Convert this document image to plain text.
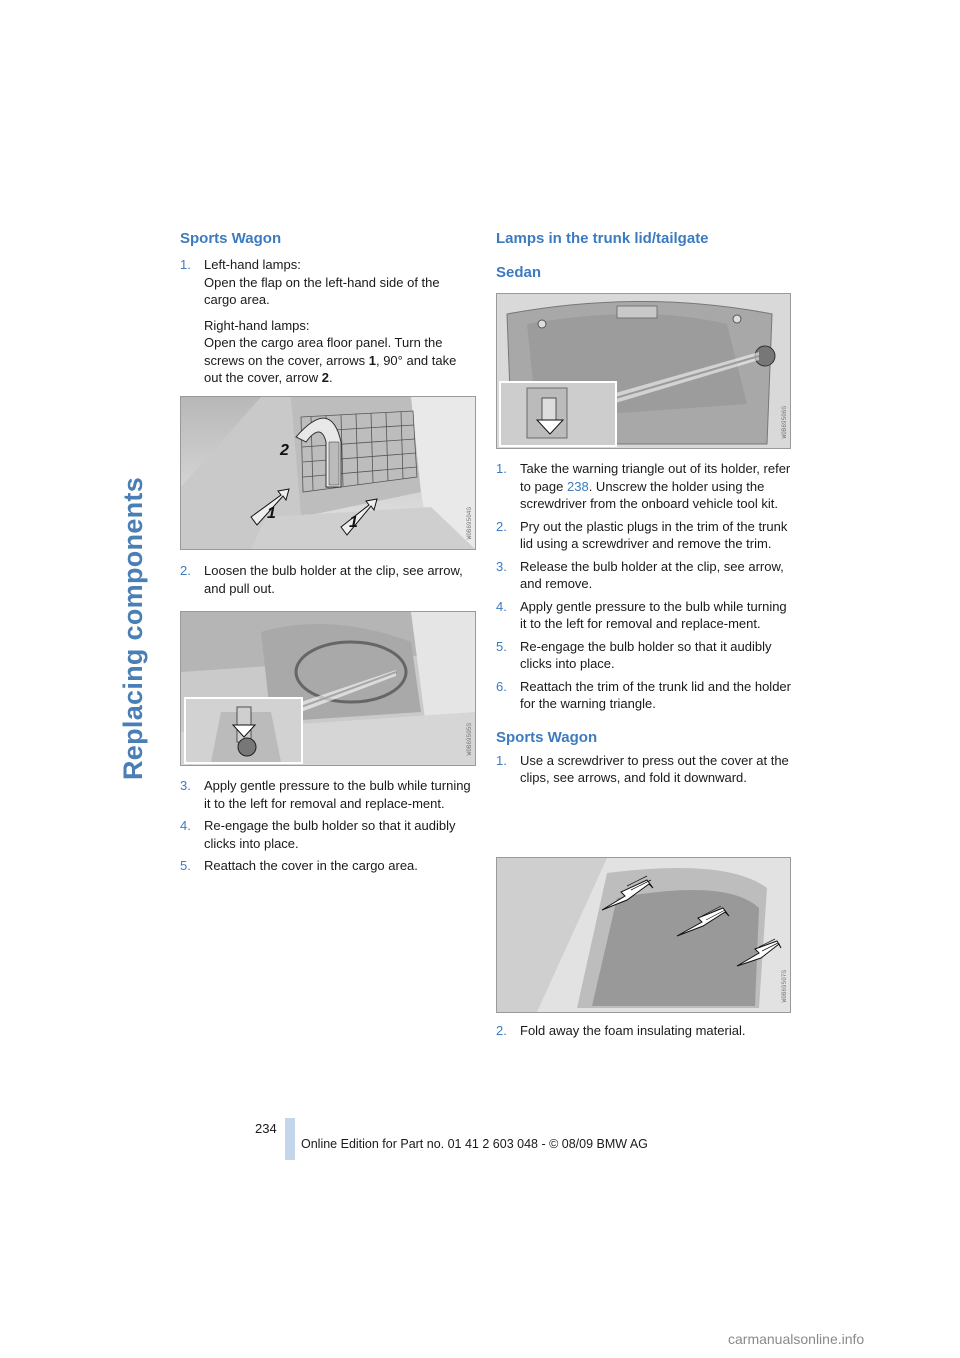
Replacing components
Sports Wagon
1. Left-hand lamps:
Open the flap on the left-hand side of the cargo area.
Right-hand lamps:
Open the cargo area floor panel. Turn the screws on the cover, arrows 1, 90° and take out the cover, arrow 2.
2
1
1	W0B69504G
2. Loosen the bulb holder at the clip, see arrow, and pull out.
W0B69505G
3. Apply gentle pressure to the bulb while turning it to the left for removal and replace-ment.
4. Re-engage the bulb holder so that it audibly clicks into place.
5. Reattach the cover in the cargo area.
Lamps in the trunk lid/tailgate
Sedan
W0B69506G
1. Take the warning triangle out of its holder, refer to page 238. Unscrew the holder using the screwdriver from the onboard vehicle tool kit.
2. Pry out the plastic plugs in the trim of the trunk lid using a screwdriver and remove the trim.
3. Release the bulb holder at the clip, see arrow, and remove.
4. Apply gentle pressure to the bulb while turning it to the left for removal and replace-ment.
5. Re-engage the bulb holder so that it audibly clicks into place.
6. Reattach the trim of the trunk lid and the holder for the warning triangle.
Sports Wagon
1. Use a screwdriver to press out the cover at the clips, see arrows, and fold it downward.
W0B69507G
2. Fold away the foam insulating material.
234
Online Edition for Part no. 01 41 2 603 048 - © 08/09 BMW AG
carmanualsonline.info
